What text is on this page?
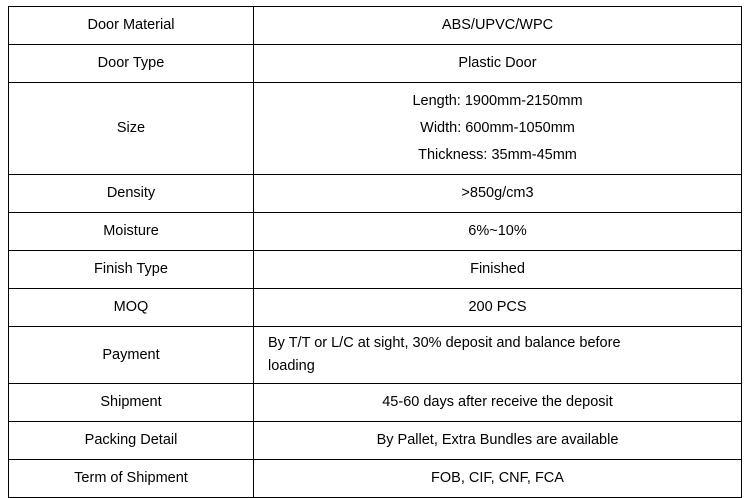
Door Material	ABS/UPVC/WPC

Door Type	Plastic Door

Size	Length: 1900mm-2150mm
Width: 600mm-1050mm
Thickness: 35mm-45mm

Density	>850g/cm3

Moisture	6%~10%

Finish Type	Finished

MOQ	200 PCS

Payment	By T/T or L/C at sight, 30% deposit and balance before
loading

Shipment	45-60 days after receive the deposit

Packing Detail	By Pallet, Extra Bundles are available

Term of Shipment	FOB, CIF, CNF, FCA
